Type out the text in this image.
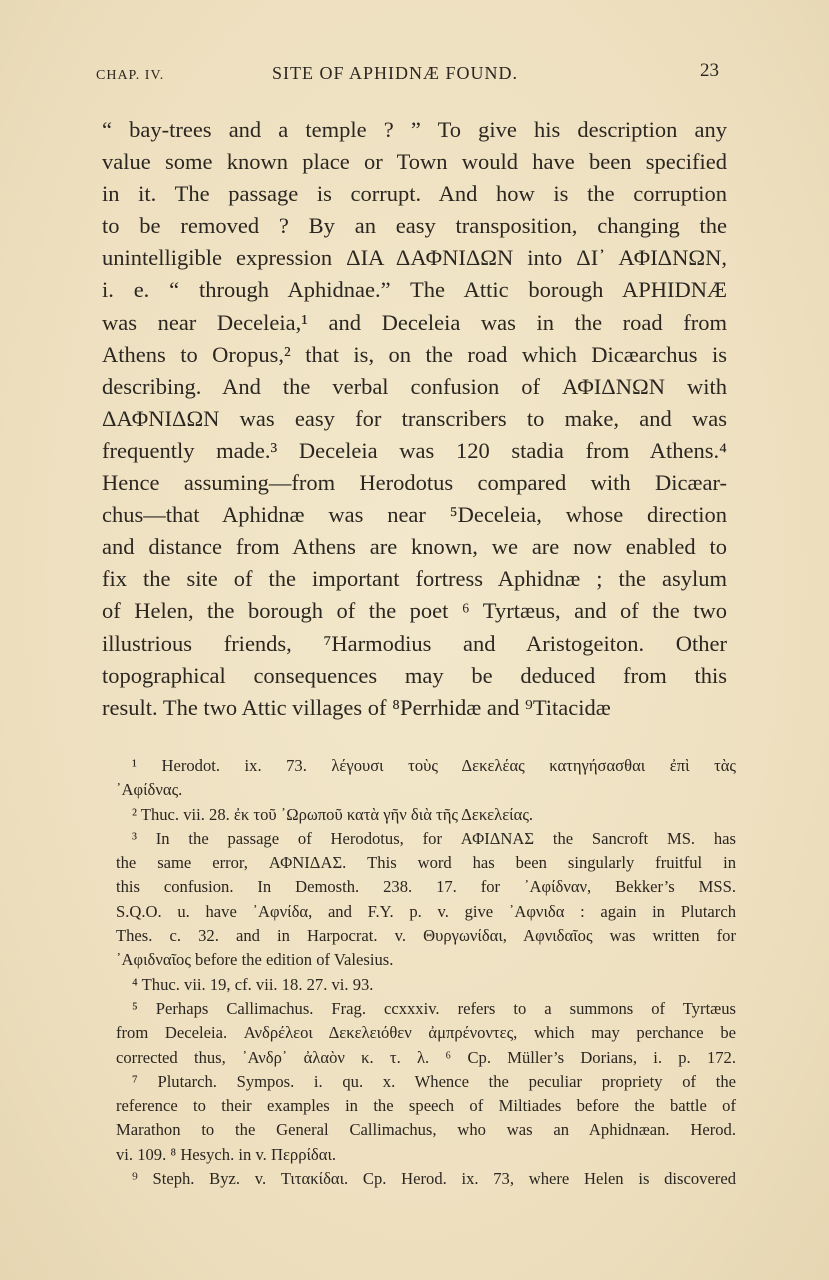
CHAP. IV.	SITE OF APHIDNÆ FOUND.	23
“ bay-trees and a temple ? ” To give his description any
value some known place or Town would have been specified
in it. The passage is corrupt. And how is the corruption
to be removed ? By an easy transposition, changing the
unintelligible expression ΔΙΑ ΔΑΦΝΙΔΩΝ into ΔΙ᾽ ΑΦΙΔΝΩΝ,
i. e. “ through Aphidnae.” The Attic borough APHIDNÆ
was near Deceleia,¹ and Deceleia was in the road from
Athens to Oropus,² that is, on the road which Dicæarchus is
describing. And the verbal confusion of ΑΦΙΔΝΩΝ with
ΔΑΦΝΙΔΩΝ was easy for transcribers to make, and was
frequently made.³ Deceleia was 120 stadia from Athens.⁴
Hence assuming—from Herodotus compared with Dicæar-
chus—that Aphidnæ was near ⁵Deceleia, whose direction
and distance from Athens are known, we are now enabled to
fix the site of the important fortress Aphidnæ ; the asylum
of Helen, the borough of the poet ⁶ Tyrtæus, and of the two
illustrious friends, ⁷Harmodius and Aristogeiton. Other
topographical consequences may be deduced from this
result. The two Attic villages of ⁸Perrhidæ and ⁹Titacidæ
¹ Herodot. ix. 73. λέγουσι τοὺς Δεκελέας κατηγήσασθαι ἐπὶ τὰς
᾽Αφίδνας.
² Thuc. vii. 28. ἐκ τοῦ ᾽Ωρωποῦ κατὰ γῆν διὰ τῆς Δεκελείας.
³ In the passage of Herodotus, for ΑΦΙΔΝΑΣ the Sancroft MS. has
the same error, ΑΦΝΙΔΑΣ. This word has been singularly fruitful in
this confusion. In Demosth. 238. 17. for ᾽Αφίδναν, Bekker’s MSS.
S.Q.O. u. have ᾽Αφνίδα, and F.Y. p. v. give ᾽Αφνιδα : again in Plutarch
Thes. c. 32. and in Harpocrat. v. Θυργωνίδαι, Αφνιδαῖος was written for
᾽Αφιδναῖος before the edition of Valesius.
⁴ Thuc. vii. 19, cf. vii. 18. 27. vi. 93.
⁵ Perhaps Callimachus. Frag. ccxxxiv. refers to a summons of Tyrtæus
from Deceleia. Ανδρέλεοι Δεκελειόθεν ἀμπρένοντες, which may perchance be
corrected thus, ᾽Ανδρ᾽ ἀλαὸν κ. τ. λ. ⁶ Cp. Müller’s Dorians, i. p. 172.
⁷ Plutarch. Sympos. i. qu. x. Whence the peculiar propriety of the
reference to their examples in the speech of Miltiades before the battle of
Marathon to the General Callimachus, who was an Aphidnæan. Herod.
vi. 109. ⁸ Hesych. in v. Περρίδαι.
⁹ Steph. Byz. v. Τιτακίδαι. Cp. Herod. ix. 73, where Helen is discovered
